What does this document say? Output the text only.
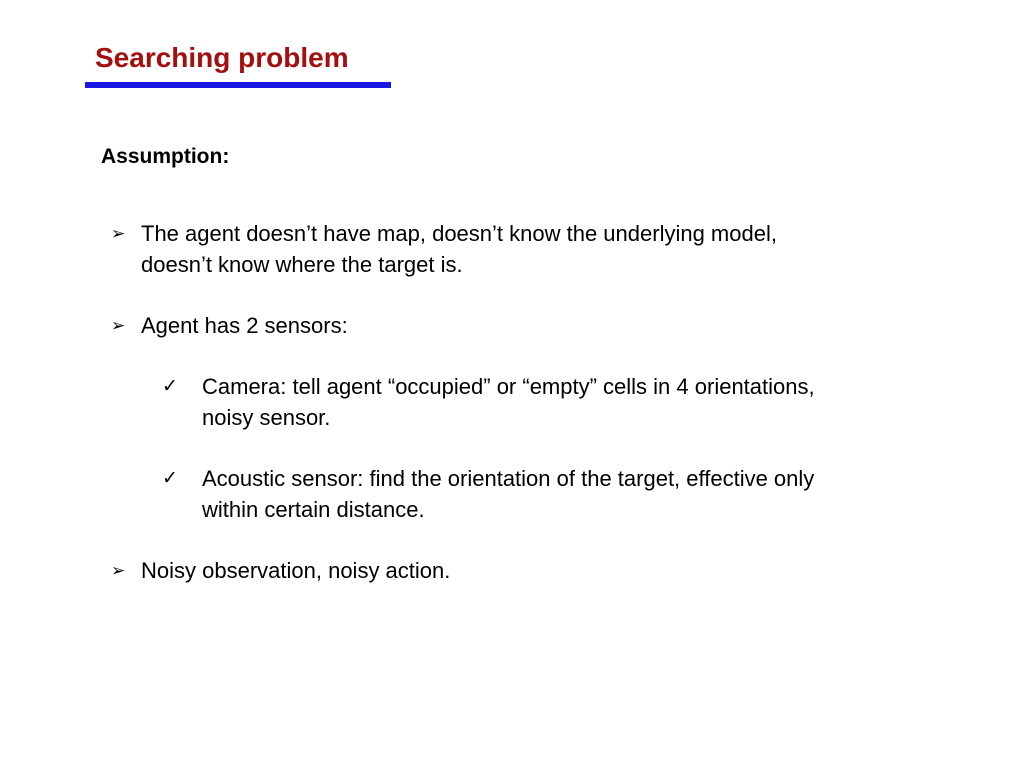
Searching problem
Assumption:
➢ The agent doesn’t have map, doesn’t know the underlying model,
doesn’t know where the target is.
➢ Agent has 2 sensors:
✓ Camera: tell agent “occupied” or “empty” cells in 4 orientations,
noisy sensor.
✓ Acoustic sensor: find the orientation of the target, effective only
within certain distance.
➢ Noisy observation, noisy action.
